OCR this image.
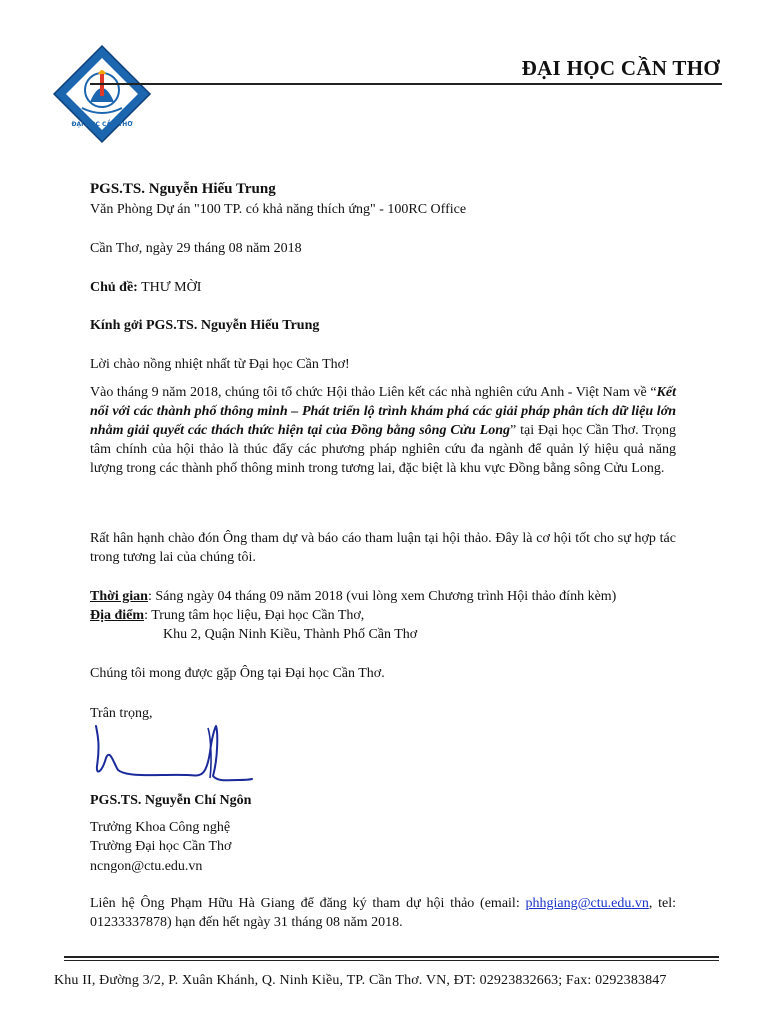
ĐẠI HỌC CẦN THƠ
ĐẠI HỌC CẦN THƠ
PGS.TS. Nguyễn Hiếu Trung
Văn Phòng Dự án "100 TP. có khả năng thích ứng" - 100RC Office
Cần Thơ, ngày 29 tháng 08 năm 2018
Chủ đề: THƯ MỜI
Kính gởi PGS.TS. Nguyễn Hiếu Trung
Lời chào nồng nhiệt nhất từ Đại học Cần Thơ!
Vào tháng 9 năm 2018, chúng tôi tổ chức Hội thảo Liên kết các nhà nghiên cứu Anh - Việt Nam về “Kết nối với các thành phố thông minh – Phát triển lộ trình khám phá các giải pháp phân tích dữ liệu lớn nhằm giải quyết các thách thức hiện tại của Đồng bằng sông Cửu Long” tại Đại học Cần Thơ. Trọng tâm chính của hội thảo là thúc đẩy các phương pháp nghiên cứu đa ngành để quản lý hiệu quả năng lượng trong các thành phố thông minh trong tương lai, đặc biệt là khu vực Đồng bằng sông Cửu Long.
Rất hân hạnh chào đón Ông tham dự và báo cáo tham luận tại hội thảo. Đây là cơ hội tốt cho sự hợp tác trong tương lai của chúng tôi.
Thời gian: Sáng ngày 04 tháng 09 năm 2018 (vui lòng xem Chương trình Hội thảo đính kèm)
Địa điểm: Trung tâm học liệu, Đại học Cần Thơ,
Khu 2, Quận Ninh Kiều, Thành Phố Cần Thơ
Chúng tôi mong được gặp Ông tại Đại học Cần Thơ.
Trân trọng,
PGS.TS. Nguyễn Chí Ngôn
Trưởng Khoa Công nghệ
Trường Đại học Cần Thơ
ncngon@ctu.edu.vn
Liên hệ Ông Phạm Hữu Hà Giang để đăng ký tham dự hội thảo (email: phhgiang@ctu.edu.vn, tel: 01233337878) hạn đến hết ngày 31 tháng 08 năm 2018.
Khu II, Đường 3/2, P. Xuân Khánh, Q. Ninh Kiều, TP. Cần Thơ. VN, ĐT: 02923832663; Fax: 0292383847
